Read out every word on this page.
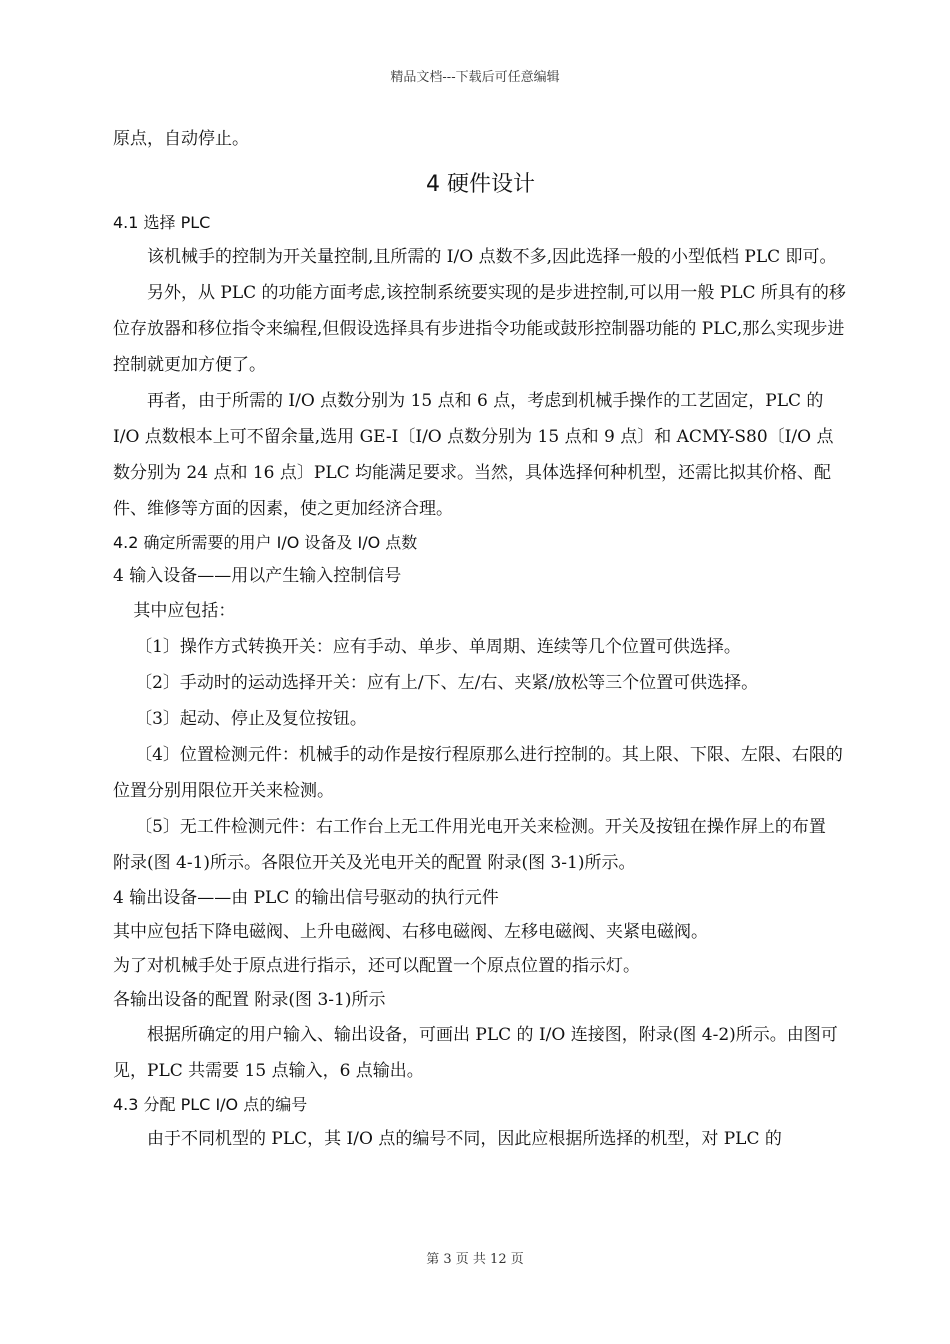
精品文档---下载后可任意编辑

原点，自动停止。

4 硬件设计
4.1 选择 PLC

该机械手的控制为开关量控制,且所需的 I/O 点数不多,因此选择一般的小型低档 PLC 即可。

另外，从 PLC 的功能方面考虑,该控制系统要实现的是步进控制,可以用一般 PLC 所具有的移位存放器和移位指令来编程,但假设选择具有步进指令功能或鼓形控制器功能的 PLC,那么实现步进控制就更加方便了。

再者，由于所需的 I/O 点数分别为 15 点和 6 点，考虑到机械手操作的工艺固定，PLC 的 I/O 点数根本上可不留余量,选用 GE-I〔I/O 点数分别为 15 点和 9 点〕和 ACMY-S80〔I/O 点数分别为 24 点和 16 点〕PLC 均能满足要求。当然，具体选择何种机型，还需比拟其价格、配件、维修等方面的因素，使之更加经济合理。

4.2 确定所需要的用户 I/O 设备及 I/O 点数

4 输入设备——用以产生输入控制信号

其中应包括：

〔1〕操作方式转换开关：应有手动、单步、单周期、连续等几个位置可供选择。

〔2〕手动时的运动选择开关：应有上/下、左/右、夹紧/放松等三个位置可供选择。

〔3〕起动、停止及复位按钮。

〔4〕位置检测元件：机械手的动作是按行程原那么进行控制的。其上限、下限、左限、右限的位置分别用限位开关来检测。

〔5〕无工件检测元件：右工作台上无工件用光电开关来检测。开关及按钮在操作屏上的布置 附录(图 4-1)所示。各限位开关及光电开关的配置 附录(图 3-1)所示。

4 输出设备——由 PLC 的输出信号驱动的执行元件

其中应包括下降电磁阀、上升电磁阀、右移电磁阀、左移电磁阀、夹紧电磁阀。

为了对机械手处于原点进行指示，还可以配置一个原点位置的指示灯。

各输出设备的配置 附录(图 3-1)所示

根据所确定的用户输入、输出设备，可画出 PLC 的 I/O 连接图，附录(图 4-2)所示。由图可见，PLC 共需要 15 点输入，6 点输出。

4.3 分配 PLC I/O 点的编号

由于不同机型的 PLC，其 I/O 点的编号不同，因此应根据所选择的机型，对 PLC 的

第 3 页 共 12 页
